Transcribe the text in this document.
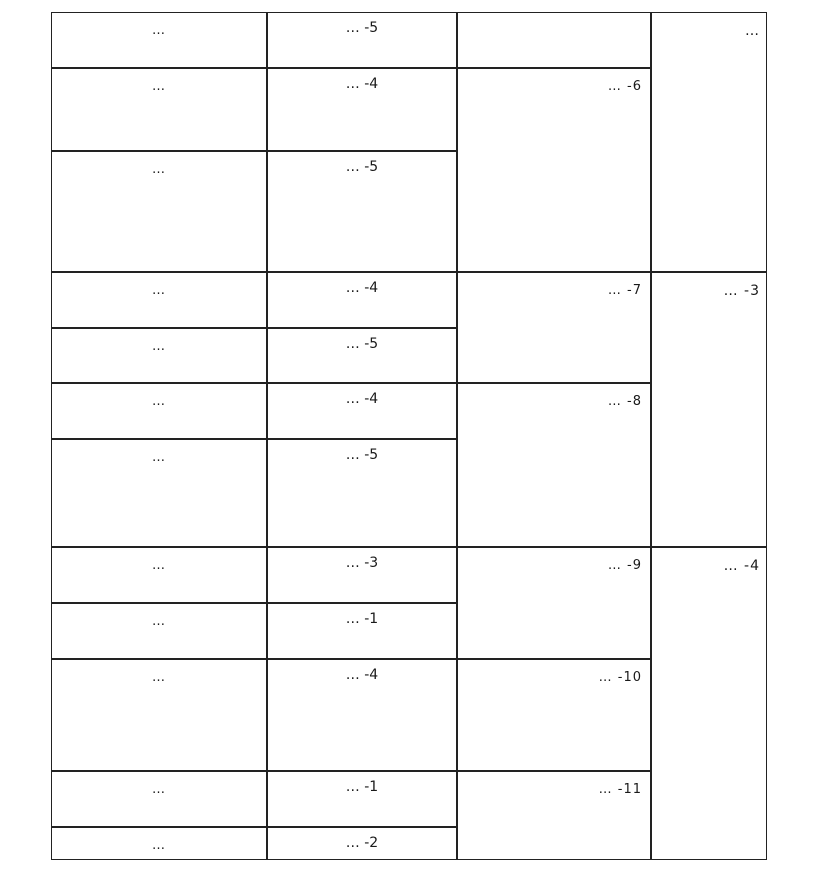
…
3- …
4- …
6- …
7- …
8- …
9- …
10- …
11- …
5- …
4- …
5- …
4- …
5- …
4- …
5- …
3- …
1- …
4- …
1- …
2- …
…
…
…
…
…
…
…
…
…
…
…
…
